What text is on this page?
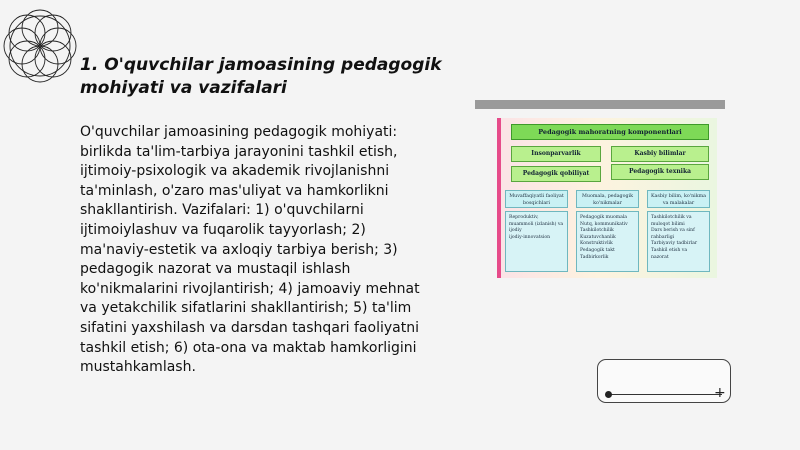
1. O'quvchilar jamoasining pedagogik mohiyati va vazifalari

O'quvchilar jamoasining pedagogik mohiyati: birlikda ta'lim-tarbiya jarayonini tashkil etish, ijtimoiy-psixologik va akademik rivojlanishni ta'minlash, o'zaro mas'uliyat va hamkorlikni shakllantirish. Vazifalari: 1) o'quvchilarni ijtimoiylashuv va fuqarolik tayyorlash; 2) ma'naviy-estetik va axloqiy tarbiya berish; 3) pedagogik nazorat va mustaqil ishlash ko'nikmalarini rivojlantirish; 4) jamoaviy mehnat va yetakchilik sifatlarini shakllantirish; 5) ta'lim sifatini yaxshilash va darsdan tashqari faoliyatni tashkil etish; 6) ota-ona va maktab hamkorligini mustahkamlash.

Pedagogik mahoratning komponentlari
Insonparvarlik	Kasbiy bilimlar
Pedagogik qobiliyat	Pedagogik texnika
Muvaffaqiyatli faoliyat bosqichlari
Muomala, pedagogik ko'nikmalar
Kasbiy bilim, ko'nikma va malakalar
Reproduktiv, muammoli (izlanish) va
ijodiy
ijodiy-innovatsion
Pedagogik muomala
Nutq, kommunikativ
Tashkilotchilik
Kuzatuvchanlik
Konstruktivlik
Pedagogik takt
Tadbirkorlik
Tashkilotchilik va muloqot bilimi
Dars berish va sinf rahbarligi
Tarbiyaviy tadbirlar
Tashkil etish va nazorat
+
